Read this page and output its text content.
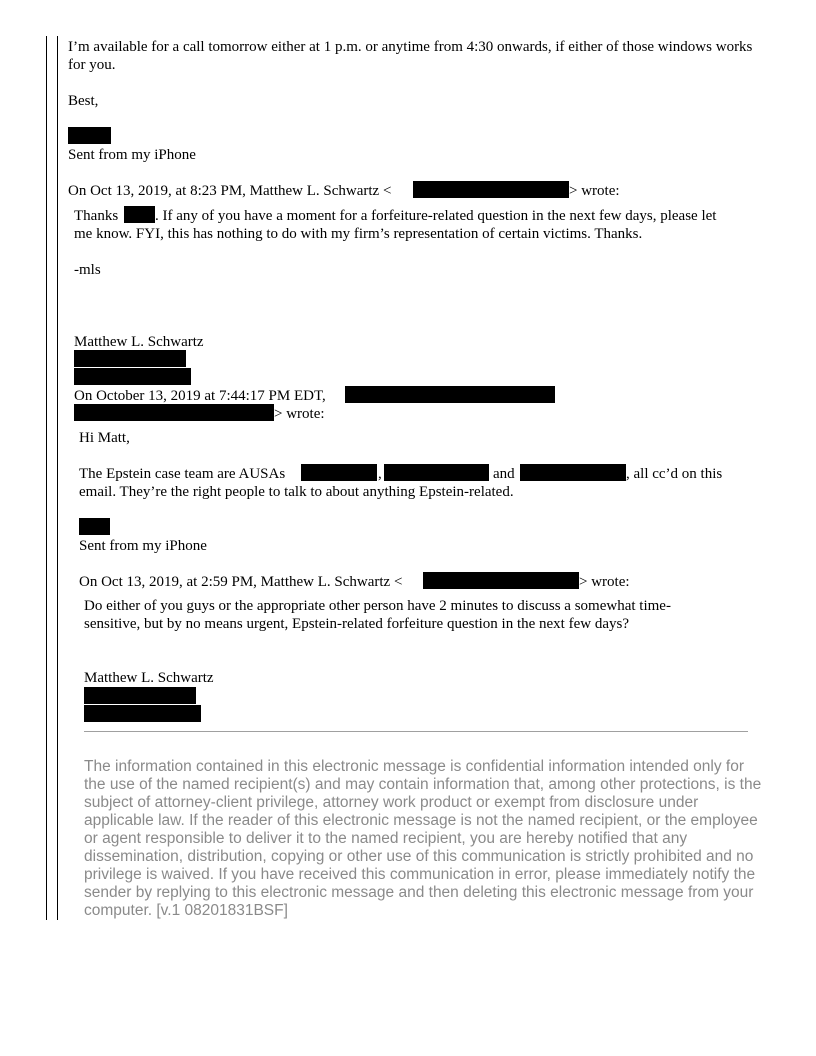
I’m available for a call tomorrow either at 1 p.m. or anytime from 4:30 onwards, if either of those windows works for you.
Best,
Sent from my iPhone
On Oct 13, 2019, at 8:23 PM, Matthew L. Schwartz <	> wrote:
Thanks . If any of you have a moment for a forfeiture-related question in the next few days, please let
me know. FYI, this has nothing to do with my firm’s representation of certain victims. Thanks.
-mls
Matthew L. Schwartz
On October 13, 2019 at 7:44:17 PM EDT,
> wrote:
Hi Matt,
The Epstein case team are AUSAs	,	and	, all cc’d on this
email. They’re the right people to talk to about anything Epstein-related.
Sent from my iPhone
On Oct 13, 2019, at 2:59 PM, Matthew L. Schwartz <	> wrote:
Do either of you guys or the appropriate other person have 2 minutes to discuss a somewhat time-sensitive, but by no means urgent, Epstein-related forfeiture question in the next few days?
Matthew L. Schwartz
The information contained in this electronic message is confidential information intended only for the use of the named recipient(s) and may contain information that, among other protections, is the subject of attorney-client privilege, attorney work product or exempt from disclosure under applicable law. If the reader of this electronic message is not the named recipient, or the employee or agent responsible to deliver it to the named recipient, you are hereby notified that any dissemination, distribution, copying or other use of this communication is strictly prohibited and no privilege is waived. If you have received this communication in error, please immediately notify the sender by replying to this electronic message and then deleting this electronic message from your computer. [v.1 08201831BSF]
